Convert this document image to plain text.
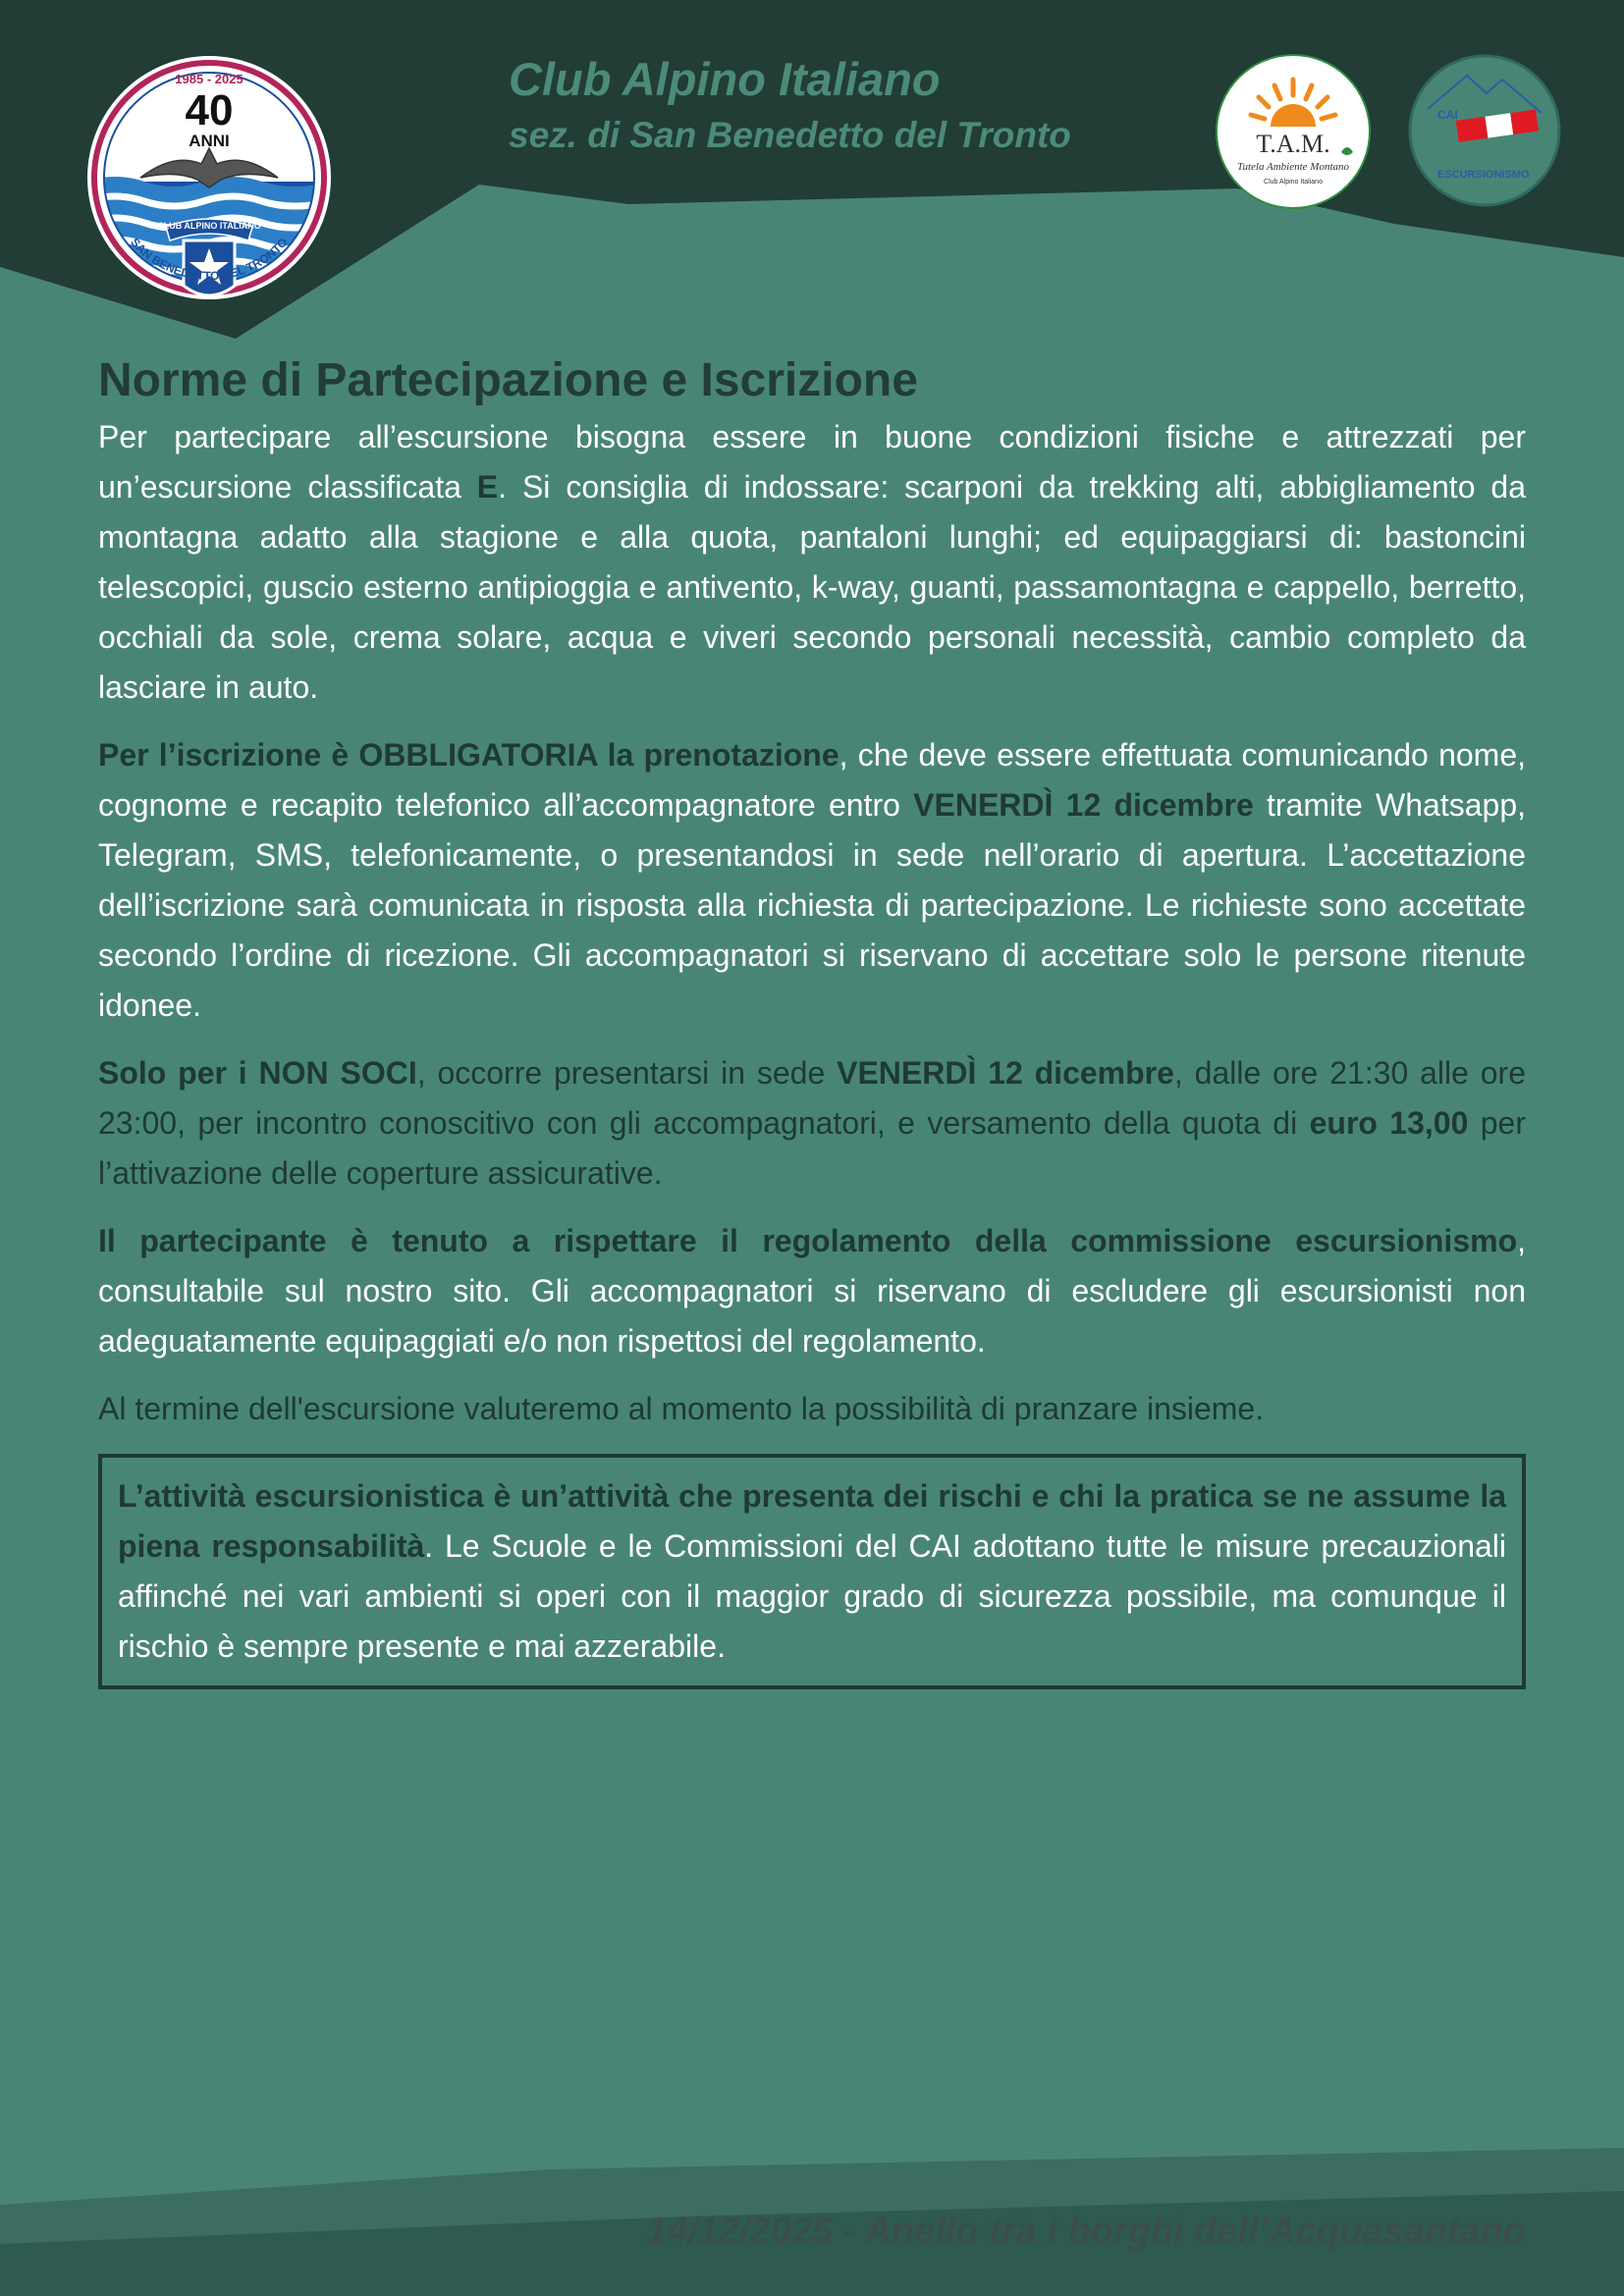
Club Alpino Italiano
sez. di San Benedetto del Tronto
1985 - 2025
40
ANNI
CLUB ALPINO ITALIANO
SAN BENEDETTO DEL TRONTO
T.A.M.
Tutela Ambiente Montano
Club Alpino Italiano
CAI
ESCURSIONISMO
Norme di Partecipazione e Iscrizione

Per partecipare all’escursione bisogna essere in buone condizioni fisiche e attrezzati per un’escursione classificata E. Si consiglia di indossare: scarponi da trekking alti, abbigliamento da montagna adatto alla stagione e alla quota, pantaloni lunghi; ed equipaggiarsi di: bastoncini telescopici, guscio esterno antipioggia e antivento, k-way, guanti, passamontagna e cappello, berretto, occhiali da sole, crema solare, acqua e viveri secondo personali necessità, cambio completo da lasciare in auto.

Per l’iscrizione è OBBLIGATORIA la prenotazione, che deve essere effettuata comunicando nome, cognome e recapito telefonico all’accompagnatore entro VENERDÌ 12 dicembre tramite Whatsapp, Telegram, SMS, telefonicamente, o presentandosi in sede nell’orario di apertura. L’accettazione dell’iscrizione sarà comunicata in risposta alla richiesta di partecipazione. Le richieste sono accettate secondo l’ordine di ricezione. Gli accompagnatori si riservano di accettare solo le persone ritenute idonee.

Solo per i NON SOCI, occorre presentarsi in sede VENERDÌ 12 dicembre, dalle ore 21:30 alle ore 23:00, per incontro conoscitivo con gli accompagnatori, e versamento della quota di euro 13,00 per l’attivazione delle coperture assicurative.

Il partecipante è tenuto a rispettare il regolamento della commissione escursionismo, consultabile sul nostro sito. Gli accompagnatori si riservano di escludere gli escursionisti non adeguatamente equipaggiati e/o non rispettosi del regolamento.

Al termine dell'escursione valuteremo al momento la possibilità di pranzare insieme.

L’attività escursionistica è un’attività che presenta dei rischi e chi la pratica se ne assume la piena responsabilità. Le Scuole e le Commissioni del CAI adottano tutte le misure precauzionali affinché nei vari ambienti si operi con il maggior grado di sicurezza possibile, ma comunque il rischio è sempre presente e mai azzerabile.

14/12/2025 - Anello tra i borghi dell’Acquasantano
